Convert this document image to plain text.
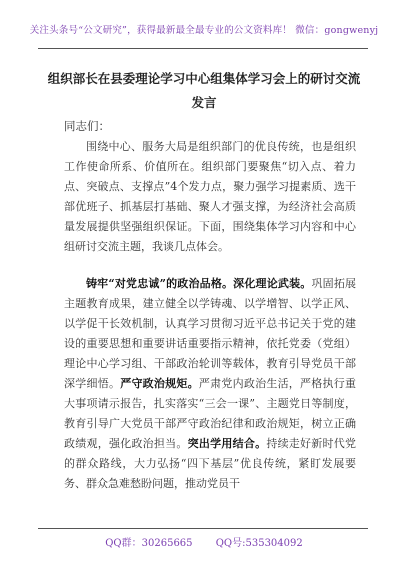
关注头条号“公文研究”，获得最新最全最专业的公文资料库！ 微信：gongwenyj
组织部长在县委理论学习中心组集体学习会上的研讨交流
发言
同志们：
围绕中心、服务大局是组织部门的优良传统，也是组织工作使命所系、价值所在。组织部门要聚焦“切入点、着力点、突破点、支撑点”4个发力点，聚力强学习提素质、选干部优班子、抓基层打基础、聚人才强支撑，为经济社会高质量发展提供坚强组织保证。下面，围绕集体学习内容和中心组研讨交流主题，我谈几点体会。
铸牢“对党忠诚”的政治品格。深化理论武装。巩固拓展主题教育成果，建立健全以学铸魂、以学增智、以学正风、以学促干长效机制，认真学习贯彻习近平总书记关于党的建设的重要思想和重要讲话重要指示精神，依托党委（党组）理论中心学习组、干部政治轮训等载体，教育引导党员干部深学细悟。严守政治规矩。严肃党内政治生活，严格执行重大事项请示报告，扎实落实“三会一课”、主题党日等制度，教育引导广大党员干部严守政治纪律和政治规矩，树立正确政绩观，强化政治担当。突出学用结合。持续走好新时代党的群众路线，大力弘扬“四下基层”优良传统，紧盯发展要务、群众急难愁盼问题，推动党员干
QQ群：30265665 QQ号:535304092
